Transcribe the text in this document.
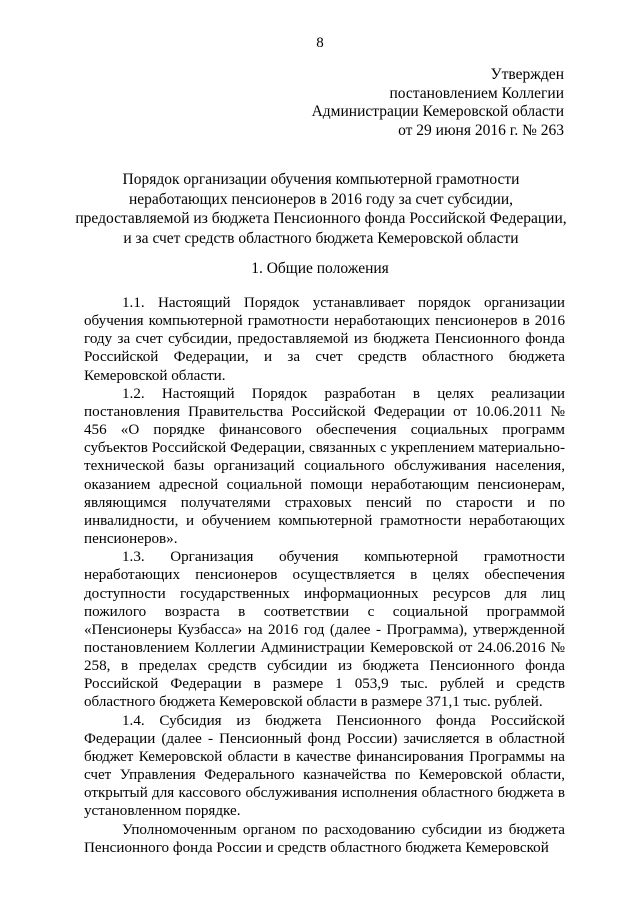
8
Утвержден
постановлением Коллегии
Администрации Кемеровской области
от 29 июня 2016 г. № 263
Порядок организации обучения компьютерной грамотности
неработающих пенсионеров в 2016 году за счет субсидии,
предоставляемой из бюджета Пенсионного фонда Российской Федерации,
и за счет средств областного бюджета Кемеровской области
1. Общие положения

1.1. Настоящий Порядок устанавливает порядок организации обучения компьютерной грамотности неработающих пенсионеров в 2016 году за счет субсидии, предоставляемой из бюджета Пенсионного фонда Российской Федерации, и за счет средств областного бюджета Кемеровской области.

1.2. Настоящий Порядок разработан в целях реализации постановления Правительства Российской Федерации от 10.06.2011 № 456 «О порядке финансового обеспечения социальных программ субъектов Российской Федерации, связанных с укреплением материально-технической базы организаций социального обслуживания населения, оказанием адресной социальной помощи неработающим пенсионерам, являющимся получателями страховых пенсий по старости и по инвалидности, и обучением компьютерной грамотности неработающих пенсионеров».

1.3. Организация обучения компьютерной грамотности неработающих пенсионеров осуществляется в целях обеспечения доступности государственных информационных ресурсов для лиц пожилого возраста в соответствии с социальной программой «Пенсионеры Кузбасса» на 2016 год (далее - Программа), утвержденной постановлением Коллегии Администрации Кемеровской от 24.06.2016 № 258, в пределах средств субсидии из бюджета Пенсионного фонда Российской Федерации в размере 1 053,9 тыс. рублей и средств областного бюджета Кемеровской области в размере 371,1 тыс. рублей.

1.4. Субсидия из бюджета Пенсионного фонда Российской Федерации (далее - Пенсионный фонд России) зачисляется в областной бюджет Кемеровской области в качестве финансирования Программы на счет Управления Федерального казначейства по Кемеровской области, открытый для кассового обслуживания исполнения областного бюджета в установленном порядке.

Уполномоченным органом по расходованию субсидии из бюджета Пенсионного фонда России и средств областного бюджета Кемеровской
